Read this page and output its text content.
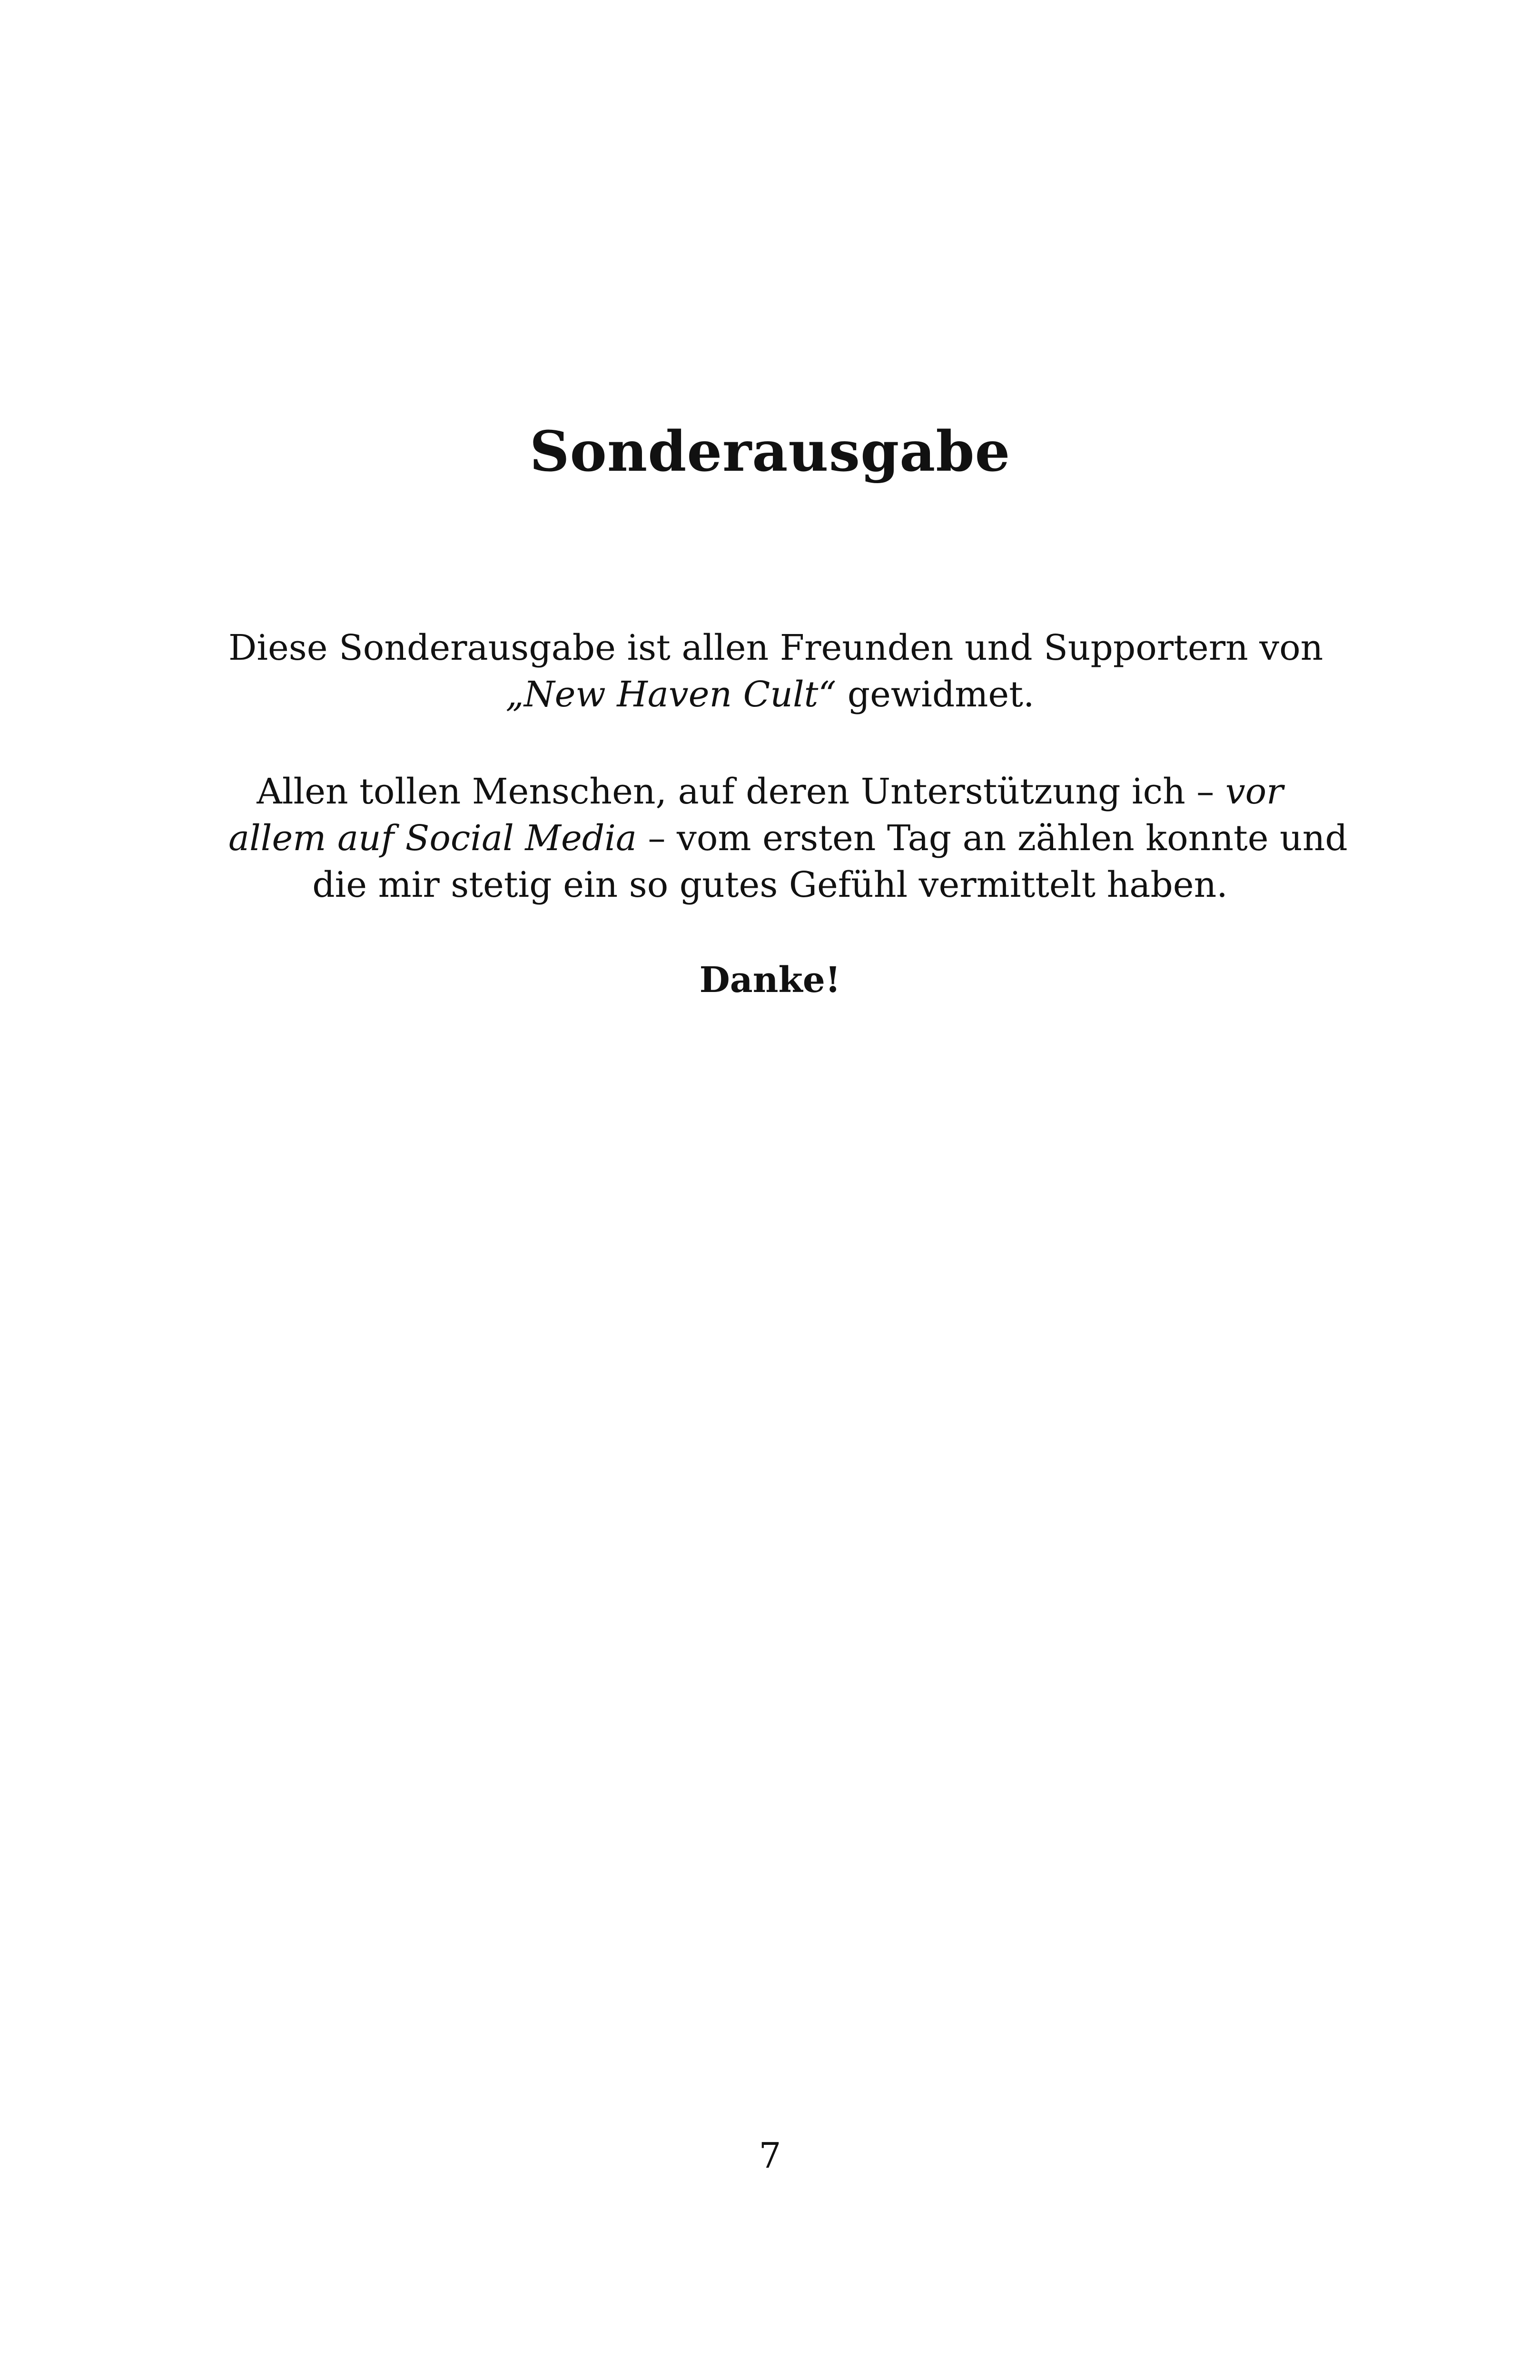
Sonderausgabe

Diese Sonderausgabe ist allen Freunden und Supportern von
„New Haven Cult“ gewidmet.

Allen tollen Menschen, auf deren Unterstützung ich – vor
allem auf Social Media – vom ersten Tag an zählen konnte und
die mir stetig ein so gutes Gefühl vermittelt haben.

Danke!

7
